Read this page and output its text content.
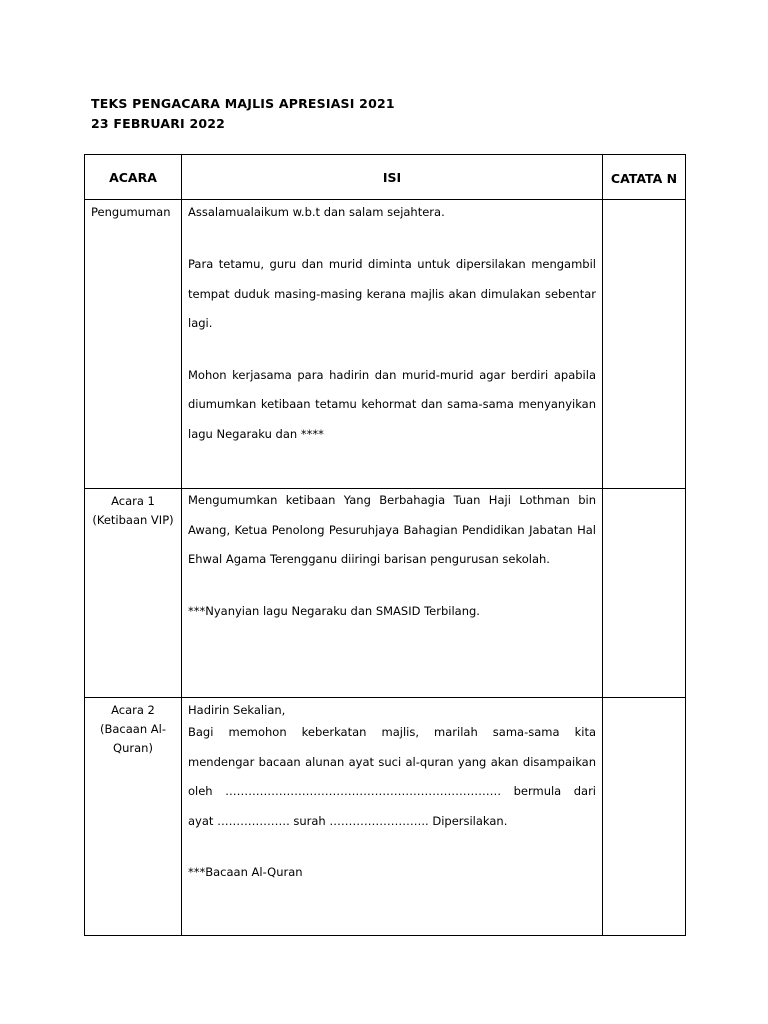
TEKS PENGACARA MAJLIS APRESIASI 2021
23 FEBRUARI 2022
ACARA	ISI	CATATA N

Pengumuman	Assalamualaikum w.b.t dan salam sejahtera.

Para tetamu, guru dan murid diminta untuk dipersilakan mengambil tempat duduk masing-masing kerana majlis akan dimulakan sebentar lagi.

Mohon kerjasama para hadirin dan murid-murid agar berdiri apabila diumumkan ketibaan tetamu kehormat dan sama-sama menyanyikan lagu Negaraku dan ****	

Acara 1 (Ketibaan VIP)	Mengumumkan ketibaan Yang Berbahagia Tuan Haji Lothman bin Awang, Ketua Penolong Pesuruhjaya Bahagian Pendidikan Jabatan Hal Ehwal Agama Terengganu diiringi barisan pengurusan sekolah.

***Nyanyian lagu Negaraku dan SMASID Terbilang.	

Acara 2 (Bacaan Al-Quran)	Hadirin Sekalian,

Bagi memohon keberkatan majlis, marilah sama-sama kita mendengar bacaan alunan ayat suci al-quran yang akan disampaikan oleh ……………………………………………………………… bermula dari ayat ………………. surah …………………….. Dipersilakan.

***Bacaan Al-Quran	
